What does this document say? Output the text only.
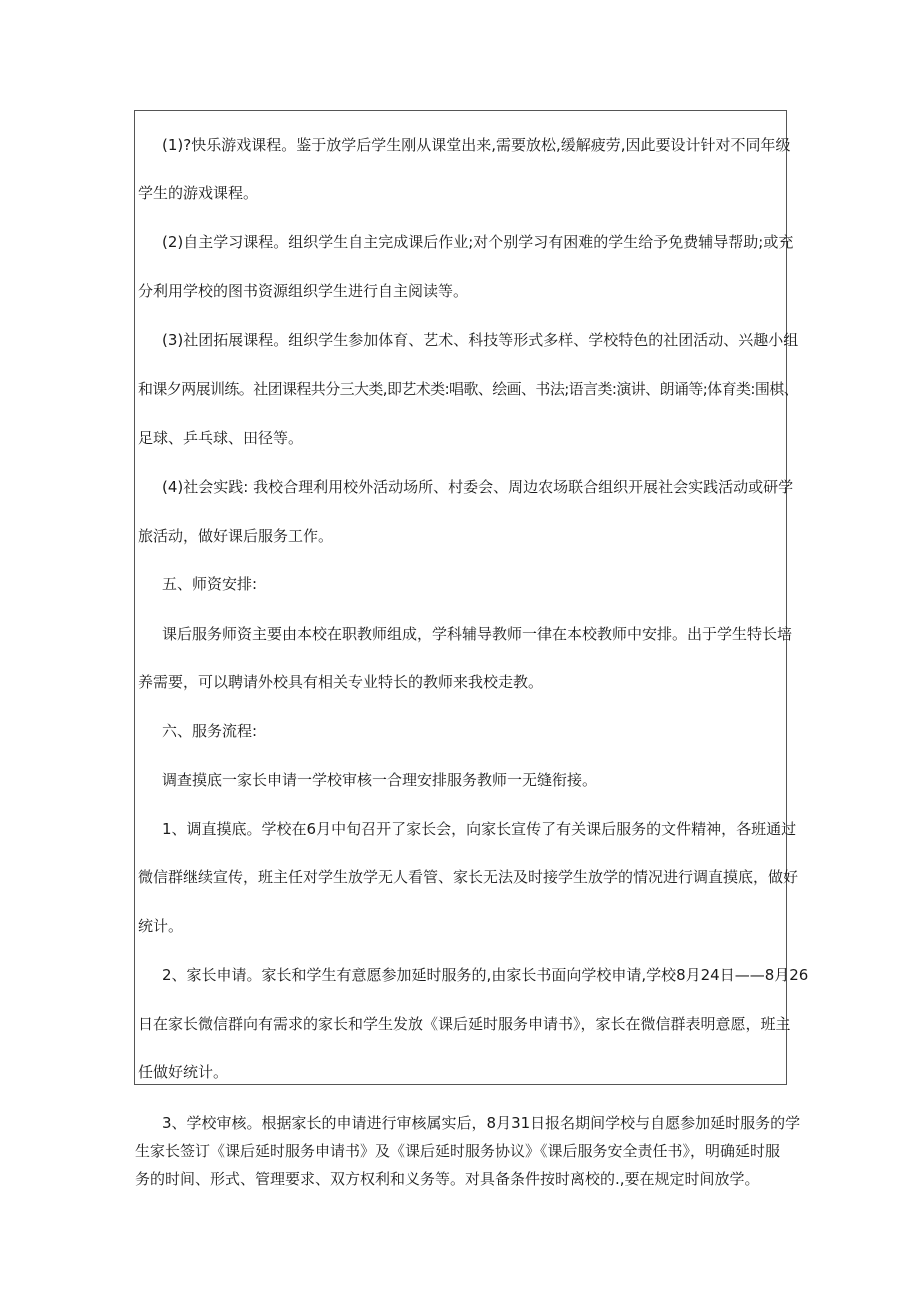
(1)?快乐游戏课程。鉴于放学后学生刚从课堂出来,需要放松,缓解疲劳,因此要设计针对不同年级
学生的游戏课程。
(2)自主学习课程。组织学生自主完成课后作业;对个别学习有困难的学生给予免费辅导帮助;或充
分利用学校的图书资源组织学生进行自主阅读等。
(3)社团拓展课程。组织学生参加体育、艺术、科技等形式多样、学校特色的社团活动、兴趣小组
和课夕两展训练。社团课程共分三大类,即艺术类:唱歌、绘画、书法;语言类:演讲、朗诵等;体育类:围棋、
足球、乒乓球、田径等。
(4)社会实践: 我校合理利用校外活动场所、村委会、周边农场联合组织开展社会实践活动或研学
旅活动，做好课后服务工作。
五、师资安排:
课后服务师资主要由本校在职教师组成，学科辅导教师一律在本校教师中安排。出于学生特长培
养需要，可以聘请外校具有相关专业特长的教师来我校走教。
六、服务流程:
调查摸底一家长申请一学校审核一合理安排服务教师一无缝衔接。
1、调直摸底。学校在6月中旬召开了家长会，向家长宣传了有关课后服务的文件精神，各班通过
微信群继续宣传，班主任对学生放学无人看管、家长无法及时接学生放学的情况进行调直摸底，做好
统计。
2、家长申请。家长和学生有意愿参加延时服务的,由家长书面向学校申请,学校8月24日——8月26
日在家长微信群向有需求的家长和学生发放《课后延时服务申请书》，家长在微信群表明意愿，班主
任做好统计。
3、学校审核。根据家长的申请进行审核属实后，8月31日报名期间学校与自愿参加延时服务的学
生家长签订《课后延时服务申请书》及《课后延时服务协议》《课后服务安全责任书》，明确延时服
务的时间、形式、管理要求、双方权利和义务等。对具备条件按时离校的.,要在规定时间放学。
